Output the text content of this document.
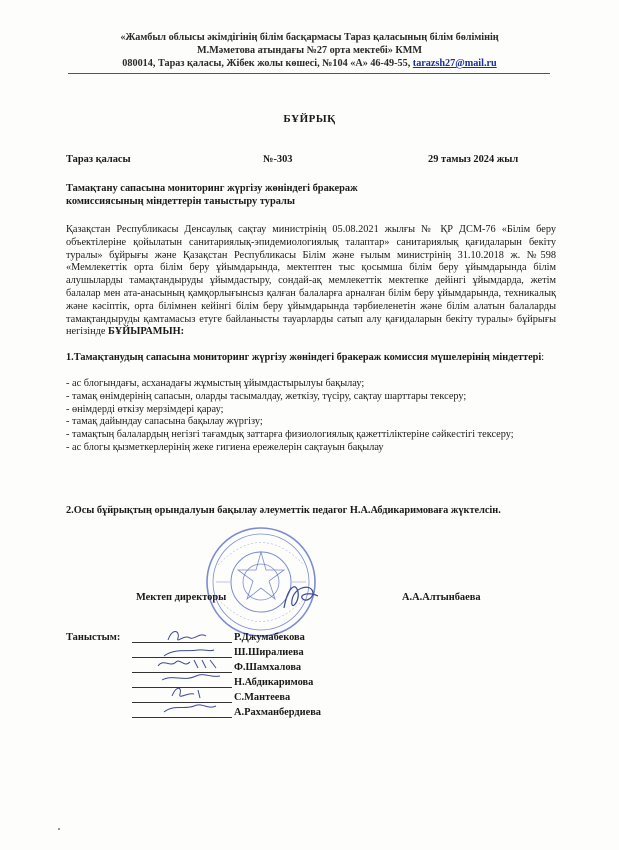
«Жамбыл облысы әкімдігінің білім басқармасы Тараз қаласының білім бөлімінің
М.Мәметова атындағы №27 орта мектебі» КММ
080014, Тараз қаласы, Жібек жолы көшесі, №104 «А» 46-49-55, tarazsh27@mail.ru
БҰЙРЫҚ
Тараз қаласы	№-303	29 тамыз 2024 жыл
Тамақтану сапасына мониторинг жүргізу жөніндегі бракераж
комиссиясының міндеттерін таныстыру туралы
Қазақстан Республикасы Денсаулық сақтау министрінің 05.08.2021 жылғы № ҚР ДСМ-76 «Білім беру объектілеріне қойылатын санитариялық-эпидемиологиялық талаптар» санитариялық қағидаларын бекіту туралы» бұйрығы және Қазақстан Республикасы Білім және ғылым министрінің 31.10.2018 ж. №598 «Мемлекеттік орта білім беру ұйымдарында, мектептен тыс қосымша білім беру ұйымдарында білім алушыларды тамақтандыруды ұйымдастыру, сондай-ақ мемлекеттік мектепке дейінгі ұйымдарда, жетім балалар мен ата-анасының қамқорлығынсыз қалған балаларға арналған білім беру ұйымдарында, техникалық және кәсіптік, орта білімнен кейінгі білім беру ұйымдарында тәрбиеленетін және білім алатын балаларды тамақтандыруды қамтамасыз етуге байланысты тауарларды сатып алу қағидаларын бекіту туралы» бұйрығы негізінде БҰЙЫРАМЫН:
1.Тамақтанудың сапасына мониторинг жүргізу жөніндегі бракераж комиссия мүшелерінің міндеттері:
- ас блогындағы, асханадағы жұмыстың ұйымдастырылуы бақылау;
- тамақ өнімдерінің сапасын, оларды тасымалдау, жеткізу, түсіру, сақтау шарттары тексеру;
- өнімдерді өткізу мерзімдері қарау;
- тамақ дайындау сапасына бақылау жүргізу;
- тамақтың балалардың негізгі тағамдық заттарға физиологиялық қажеттіліктеріне сәйкестігі тексеру;
- ас блогы қызметкерлерінің жеке гигиена ережелерін сақтауын бақылау
2.Осы бұйрықтың орындалуын бақылау әлеуметтік педагог Н.А.Абдикаримоваға жүктелсін.
Мектеп директоры	А.А.Алтынбаева
Таныстым:	Р.Джумабекова
Ш.Ширалиева
Ф.Шамхалова
Н.Абдикаримова
С.Мантеева
А.Рахманбердиева
